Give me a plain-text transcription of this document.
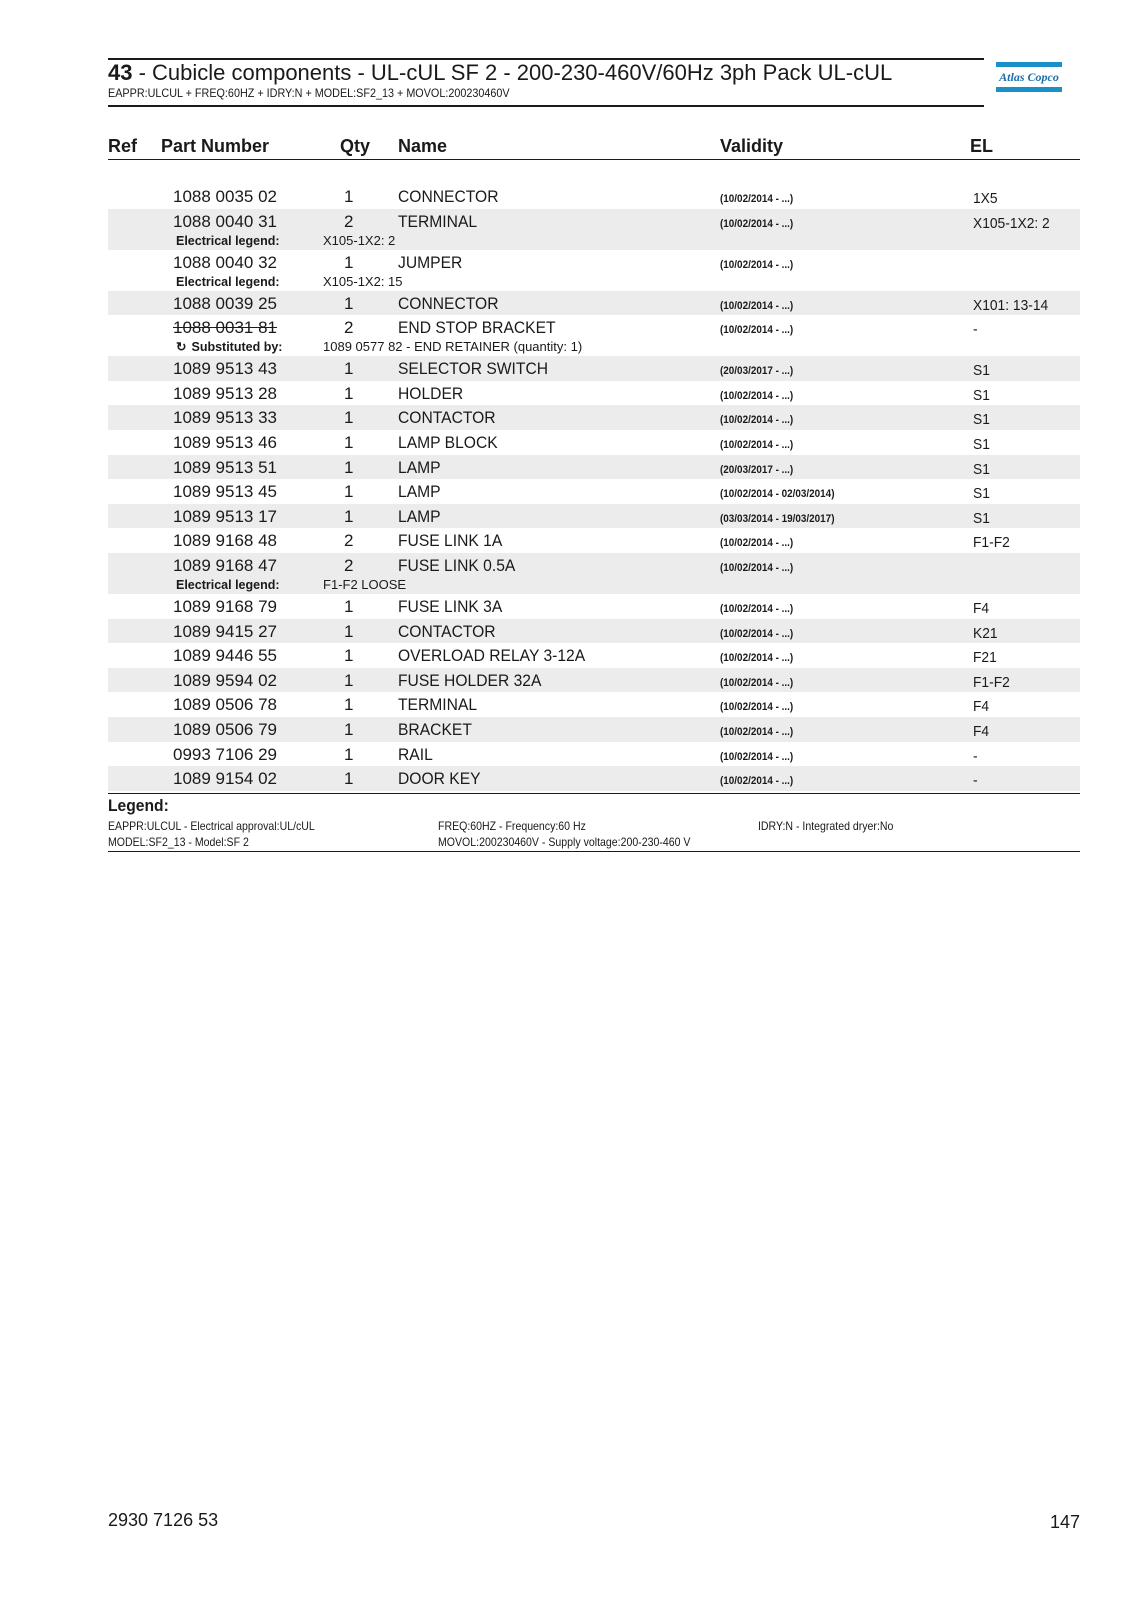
43 - Cubicle components - UL-cUL SF 2 - 200-230-460V/60Hz 3ph Pack UL-cUL
EAPPR:ULCUL + FREQ:60HZ + IDRY:N + MODEL:SF2_13 + MOVOL:200230460V
Atlas Copco
Ref Part Number	Qty Name	Validity	EL
1088 0035 02	1	CONNECTOR	(10/02/2014 - ...)	1X5
1088 0040 31	2	TERMINAL	(10/02/2014 - ...)	X105-1X2: 2
Electrical legend:	X105-1X2: 2
1088 0040 32	1	JUMPER	(10/02/2014 - ...)
Electrical legend:	X105-1X2: 15
1088 0039 25	1	CONNECTOR	(10/02/2014 - ...)	X101: 13-14
1088 0031 81	2	END STOP BRACKET	(10/02/2014 - ...)	-
↻ Substituted by:	1089 0577 82 - END RETAINER (quantity: 1)
1089 9513 43	1	SELECTOR SWITCH	(20/03/2017 - ...)	S1
1089 9513 28	1	HOLDER	(10/02/2014 - ...)	S1
1089 9513 33	1	CONTACTOR	(10/02/2014 - ...)	S1
1089 9513 46	1	LAMP BLOCK	(10/02/2014 - ...)	S1
1089 9513 51	1	LAMP	(20/03/2017 - ...)	S1
1089 9513 45	1	LAMP	(10/02/2014 - 02/03/2014)	S1
1089 9513 17	1	LAMP	(03/03/2014 - 19/03/2017)	S1
1089 9168 48	2	FUSE LINK 1A	(10/02/2014 - ...)	F1-F2
1089 9168 47	2	FUSE LINK 0.5A	(10/02/2014 - ...)
Electrical legend:	F1-F2 LOOSE
1089 9168 79	1	FUSE LINK 3A	(10/02/2014 - ...)	F4
1089 9415 27	1	CONTACTOR	(10/02/2014 - ...)	K21
1089 9446 55	1	OVERLOAD RELAY 3-12A	(10/02/2014 - ...)	F21
1089 9594 02	1	FUSE HOLDER 32A	(10/02/2014 - ...)	F1-F2
1089 0506 78	1	TERMINAL	(10/02/2014 - ...)	F4
1089 0506 79	1	BRACKET	(10/02/2014 - ...)	F4
0993 7106 29	1	RAIL	(10/02/2014 - ...)	-
1089 9154 02	1	DOOR KEY	(10/02/2014 - ...)	-
Legend:
EAPPR:ULCUL - Electrical approval:UL/cUL	FREQ:60HZ - Frequency:60 Hz	IDRY:N - Integrated dryer:No
MODEL:SF2_13 - Model:SF 2	MOVOL:200230460V - Supply voltage:200-230-460 V
2930 7126 53	147
